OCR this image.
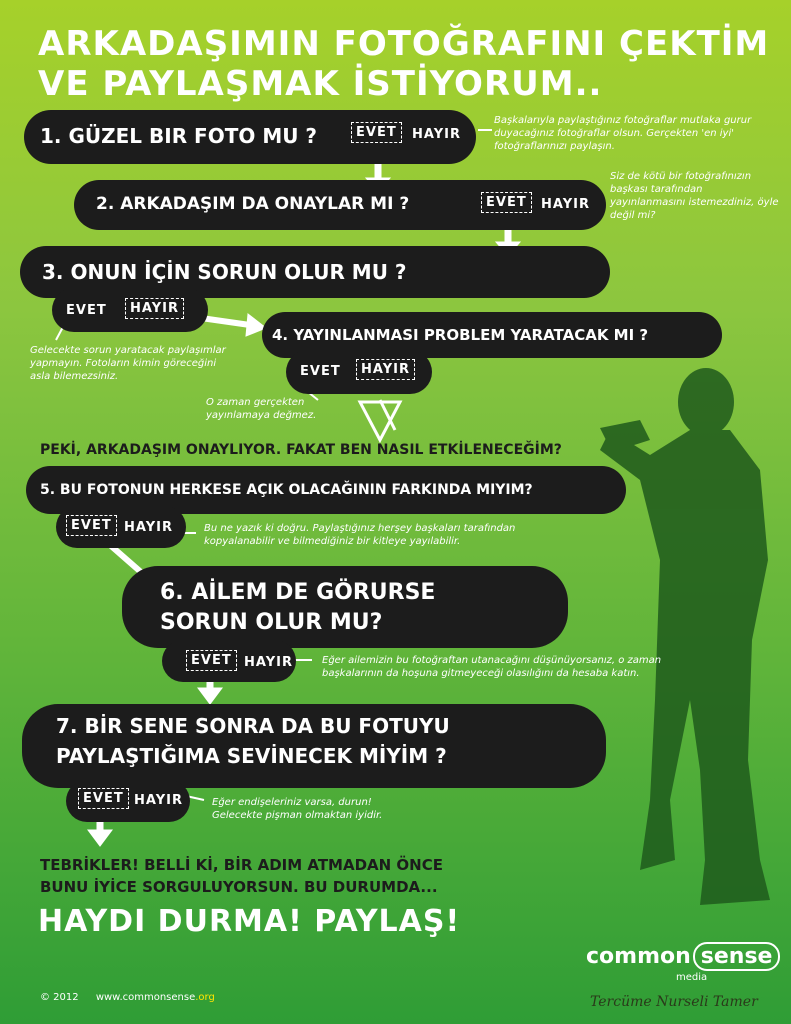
ARKADAŞIMIN FOTOĞRAFINI ÇEKTİM
VE PAYLAŞMAK İSTİYORUM..
1. GÜZEL BIR FOTO MU ?	EVET	HAYIR
Başkalarıyla paylaştığınız fotoğraflar mutlaka gurur duyacağınız fotoğraflar olsun. Gerçekten 'en iyi' fotoğraflarınızı paylaşın.
2. ARKADAŞIM DA ONAYLAR MI ?	EVET	HAYIR
Siz de kötü bir fotoğrafınızın başkası tarafından yayınlanmasını istemezdiniz, öyle değil mi?
3. ONUN İÇİN SORUN OLUR MU ?
EVET	HAYIR
Gelecekte sorun yaratacak paylaşımlar yapmayın. Fotoların kimin göreceğini asla bilemezsiniz.
4. YAYINLANMASI PROBLEM YARATACAK MI ?
EVET	HAYIR
O zaman gerçekten yayınlamaya değmez.
PEKİ, ARKADAŞIM ONAYLIYOR. FAKAT BEN NASIL ETKİLENECEĞİM?
5. BU FOTONUN HERKESE AÇIK OLACAĞININ FARKINDA MIYIM?
EVET HAYIR	Bu ne yazık ki doğru. Paylaştığınız herşey başkaları tarafından kopyalanabilir ve bilmediğiniz bir kitleye yayılabilir.
6. AİLEM DE GÖRURSE
SORUN OLUR MU?
EVET HAYIR	Eğer ailemizin bu fotoğraftan utanacağını düşünüyorsanız, o zaman başkalarının da hoşuna gitmeyeceği olasılığını da hesaba katın.
7. BİR SENE SONRA DA BU FOTUYU
PAYLAŞTIĞIMA SEVİNECEK MİYİM ?
EVET HAYIR	Eğer endişeleriniz varsa, durun! Gelecekte pişman olmaktan iyidir.
TEBRİKLER! BELLİ Kİ, BİR ADIM ATMADAN ÖNCE
BUNU İYİCE SORGULUYORSUN. BU DURUMDA...
HAYDI DURMA! PAYLAŞ!
© 2012 www.commonsense.org
common sense
media
Tercüme Nurseli Tamer
